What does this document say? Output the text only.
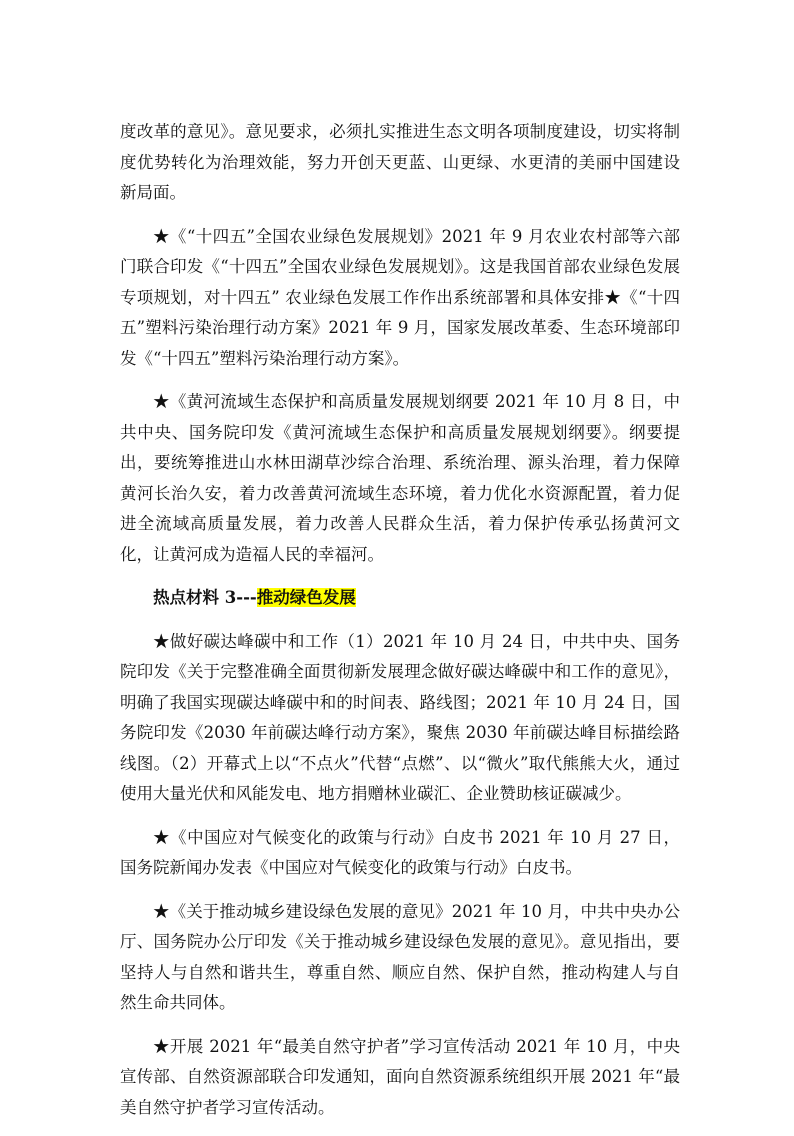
度改革的意见》。意见要求，必须扎实推进生态文明各项制度建设，切实将制度优势转化为治理效能，努力开创天更蓝、山更绿、水更清的美丽中国建设新局面。

★《“十四五”全国农业绿色发展规划》2021 年 9 月农业农村部等六部门联合印发《“十四五”全国农业绿色发展规划》。这是我国首部农业绿色发展专项规划，对十四五” 农业绿色发展工作作出系统部署和具体安排★《“十四五”塑料污染治理行动方案》2021 年 9 月，国家发展改革委、生态环境部印发《“十四五”塑料污染治理行动方案》。

★《黄河流域生态保护和高质量发展规划纲要 2021 年 10 月 8 日，中共中央、国务院印发《黄河流域生态保护和高质量发展规划纲要》。纲要提出，要统筹推进山水林田湖草沙综合治理、系统治理、源头治理，着力保障黄河长治久安，着力改善黄河流域生态环境，着力优化水资源配置，着力促进全流域高质量发展，着力改善人民群众生活，着力保护传承弘扬黄河文化，让黄河成为造福人民的幸福河。

热点材料 3---推动绿色发展

★做好碳达峰碳中和工作（1）2021 年 10 月 24 日，中共中央、国务院印发《关于完整准确全面贯彻新发展理念做好碳达峰碳中和工作的意见》，明确了我国实现碳达峰碳中和的时间表、路线图；2021 年 10 月 24 日，国务院印发《2030 年前碳达峰行动方案》，聚焦 2030 年前碳达峰目标描绘路线图。（2）开幕式上以“不点火”代替“点燃”、以“微火”取代熊熊大火，通过使用大量光伏和风能发电、地方捐赠林业碳汇、企业赞助核证碳减少。

★《中国应对气候变化的政策与行动》白皮书 2021 年 10 月 27 日，国务院新闻办发表《中国应对气候变化的政策与行动》白皮书。

★《关于推动城乡建设绿色发展的意见》2021 年 10 月，中共中央办公厅、国务院办公厅印发《关于推动城乡建设绿色发展的意见》。意见指出，要坚持人与自然和谐共生，尊重自然、顺应自然、保护自然，推动构建人与自然生命共同体。

★开展 2021 年“最美自然守护者”学习宣传活动 2021 年 10 月，中央宣传部、自然资源部联合印发通知，面向自然资源系统组织开展 2021 年“最美自然守护者学习宣传活动。
